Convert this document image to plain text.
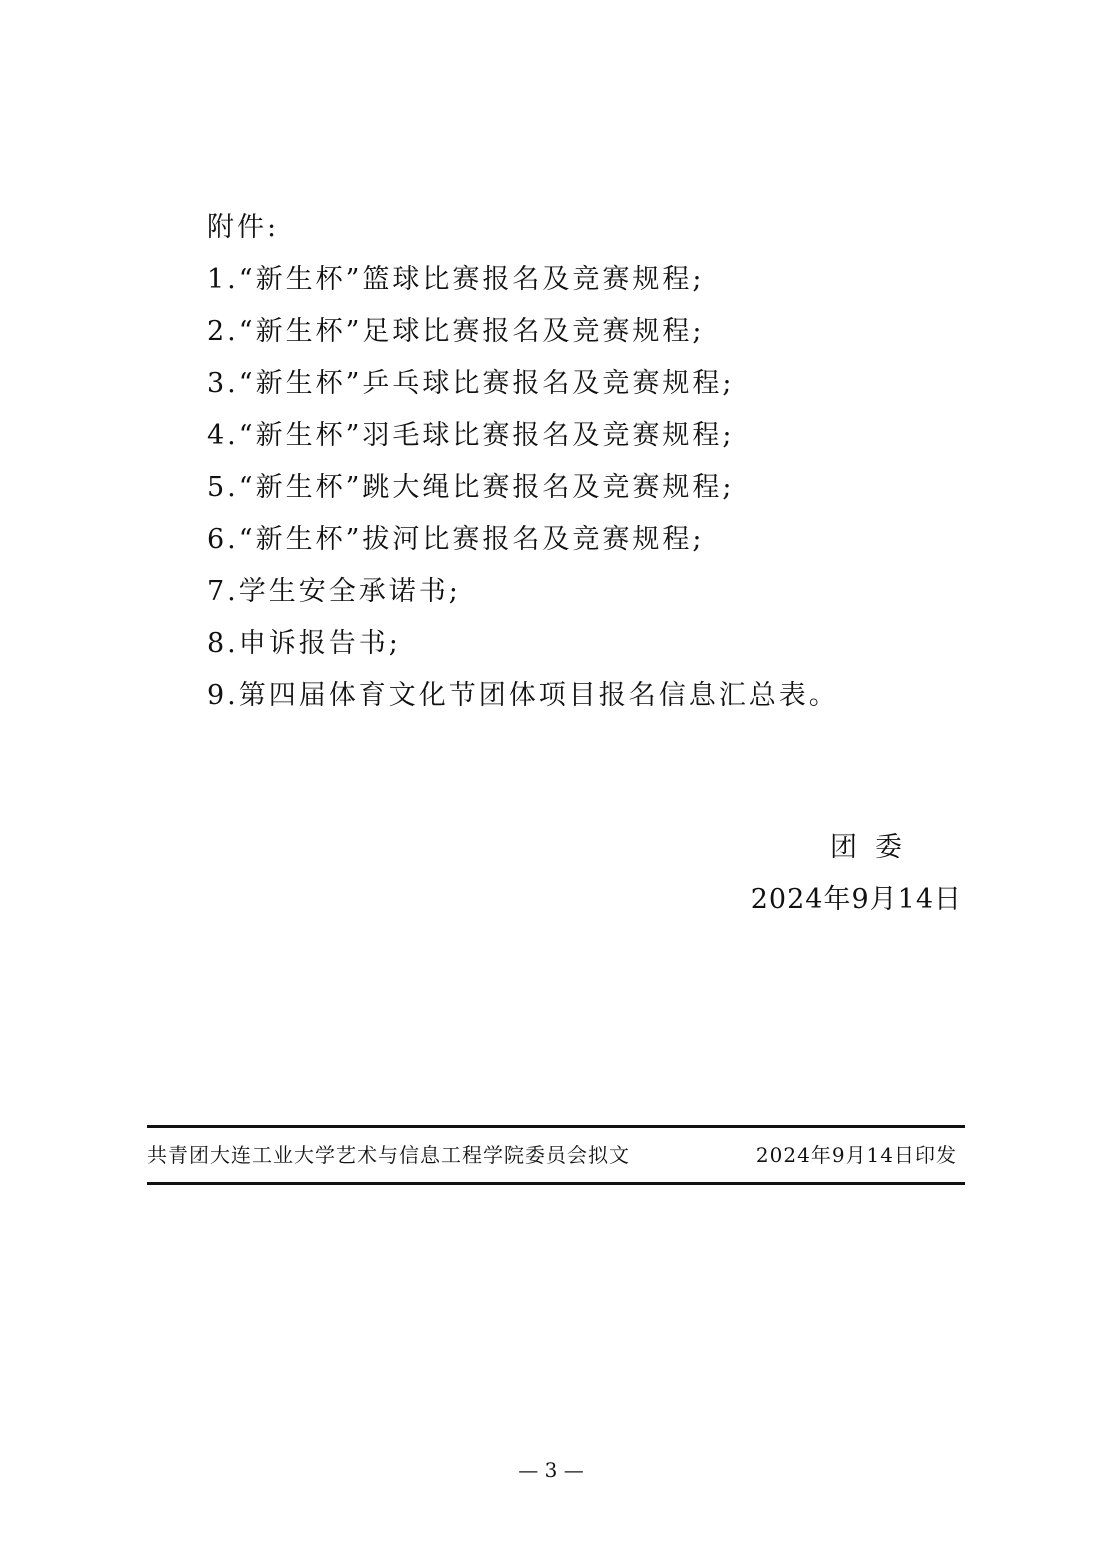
附件:
1.“新生杯”篮球比赛报名及竞赛规程;
2.“新生杯”足球比赛报名及竞赛规程;
3.“新生杯”乒乓球比赛报名及竞赛规程;
4.“新生杯”羽毛球比赛报名及竞赛规程;
5.“新生杯”跳大绳比赛报名及竞赛规程;
6.“新生杯”拔河比赛报名及竞赛规程;
7.学生安全承诺书;
8.申诉报告书;
9.第四届体育文化节团体项目报名信息汇总表。
团委
2024年9月14日
共青团大连工业大学艺术与信息工程学院委员会拟文	2024年9月14日印发
— 3 —
